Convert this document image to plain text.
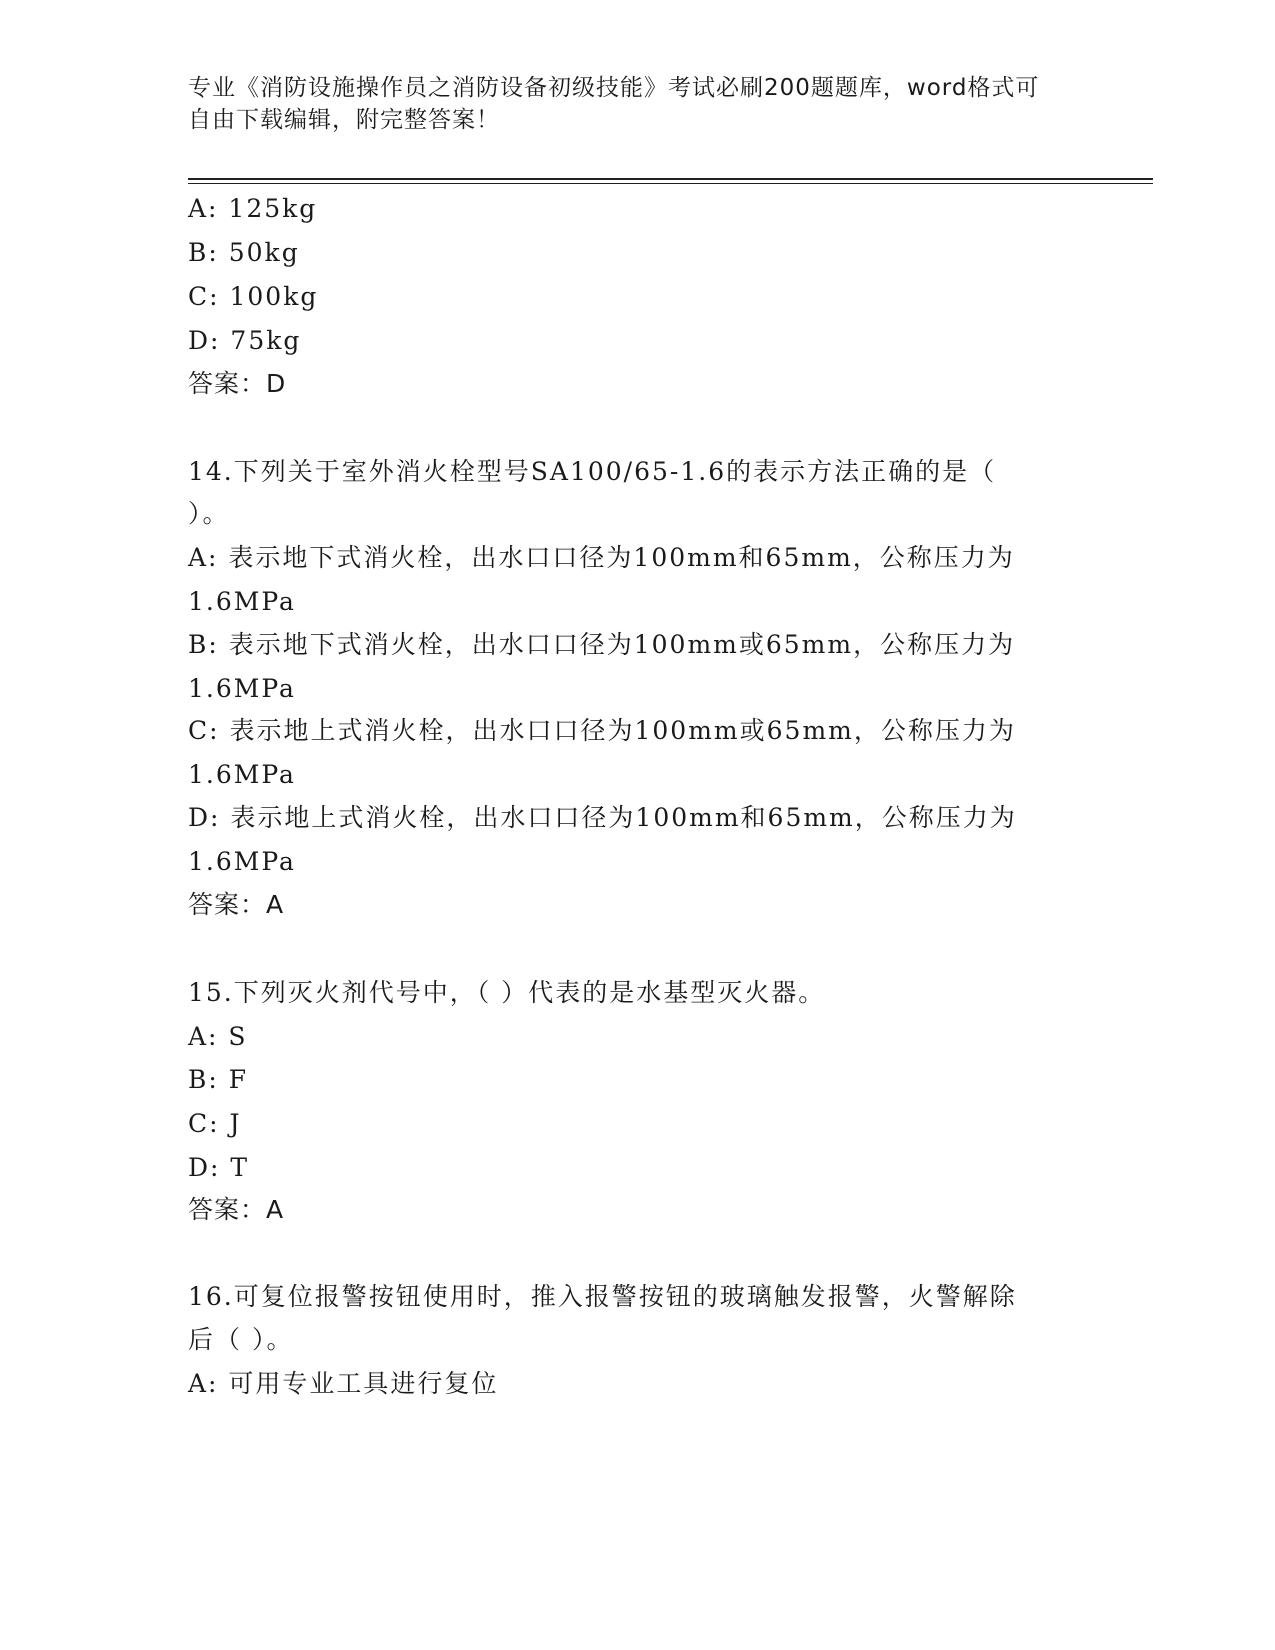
专业《消防设施操作员之消防设备初级技能》考试必刷200题题库，word格式可
自由下载编辑，附完整答案！
A: 125kg
B: 50kg
C: 100kg
D: 75kg
答案：D
14.下列关于室外消火栓型号SA100/65-1.6的表示方法正确的是（
）。
A: 表示地下式消火栓，出水口口径为100mm和65mm，公称压力为
1.6MPa
B: 表示地下式消火栓，出水口口径为100mm或65mm，公称压力为
1.6MPa
C: 表示地上式消火栓，出水口口径为100mm或65mm，公称压力为
1.6MPa
D: 表示地上式消火栓，出水口口径为100mm和65mm，公称压力为
1.6MPa
答案：A
15.下列灭火剂代号中，（ ）代表的是水基型灭火器。
A: S
B: F
C: J
D: T
答案：A
16.可复位报警按钮使用时，推入报警按钮的玻璃触发报警，火警解除
后（ ）。
A: 可用专业工具进行复位
